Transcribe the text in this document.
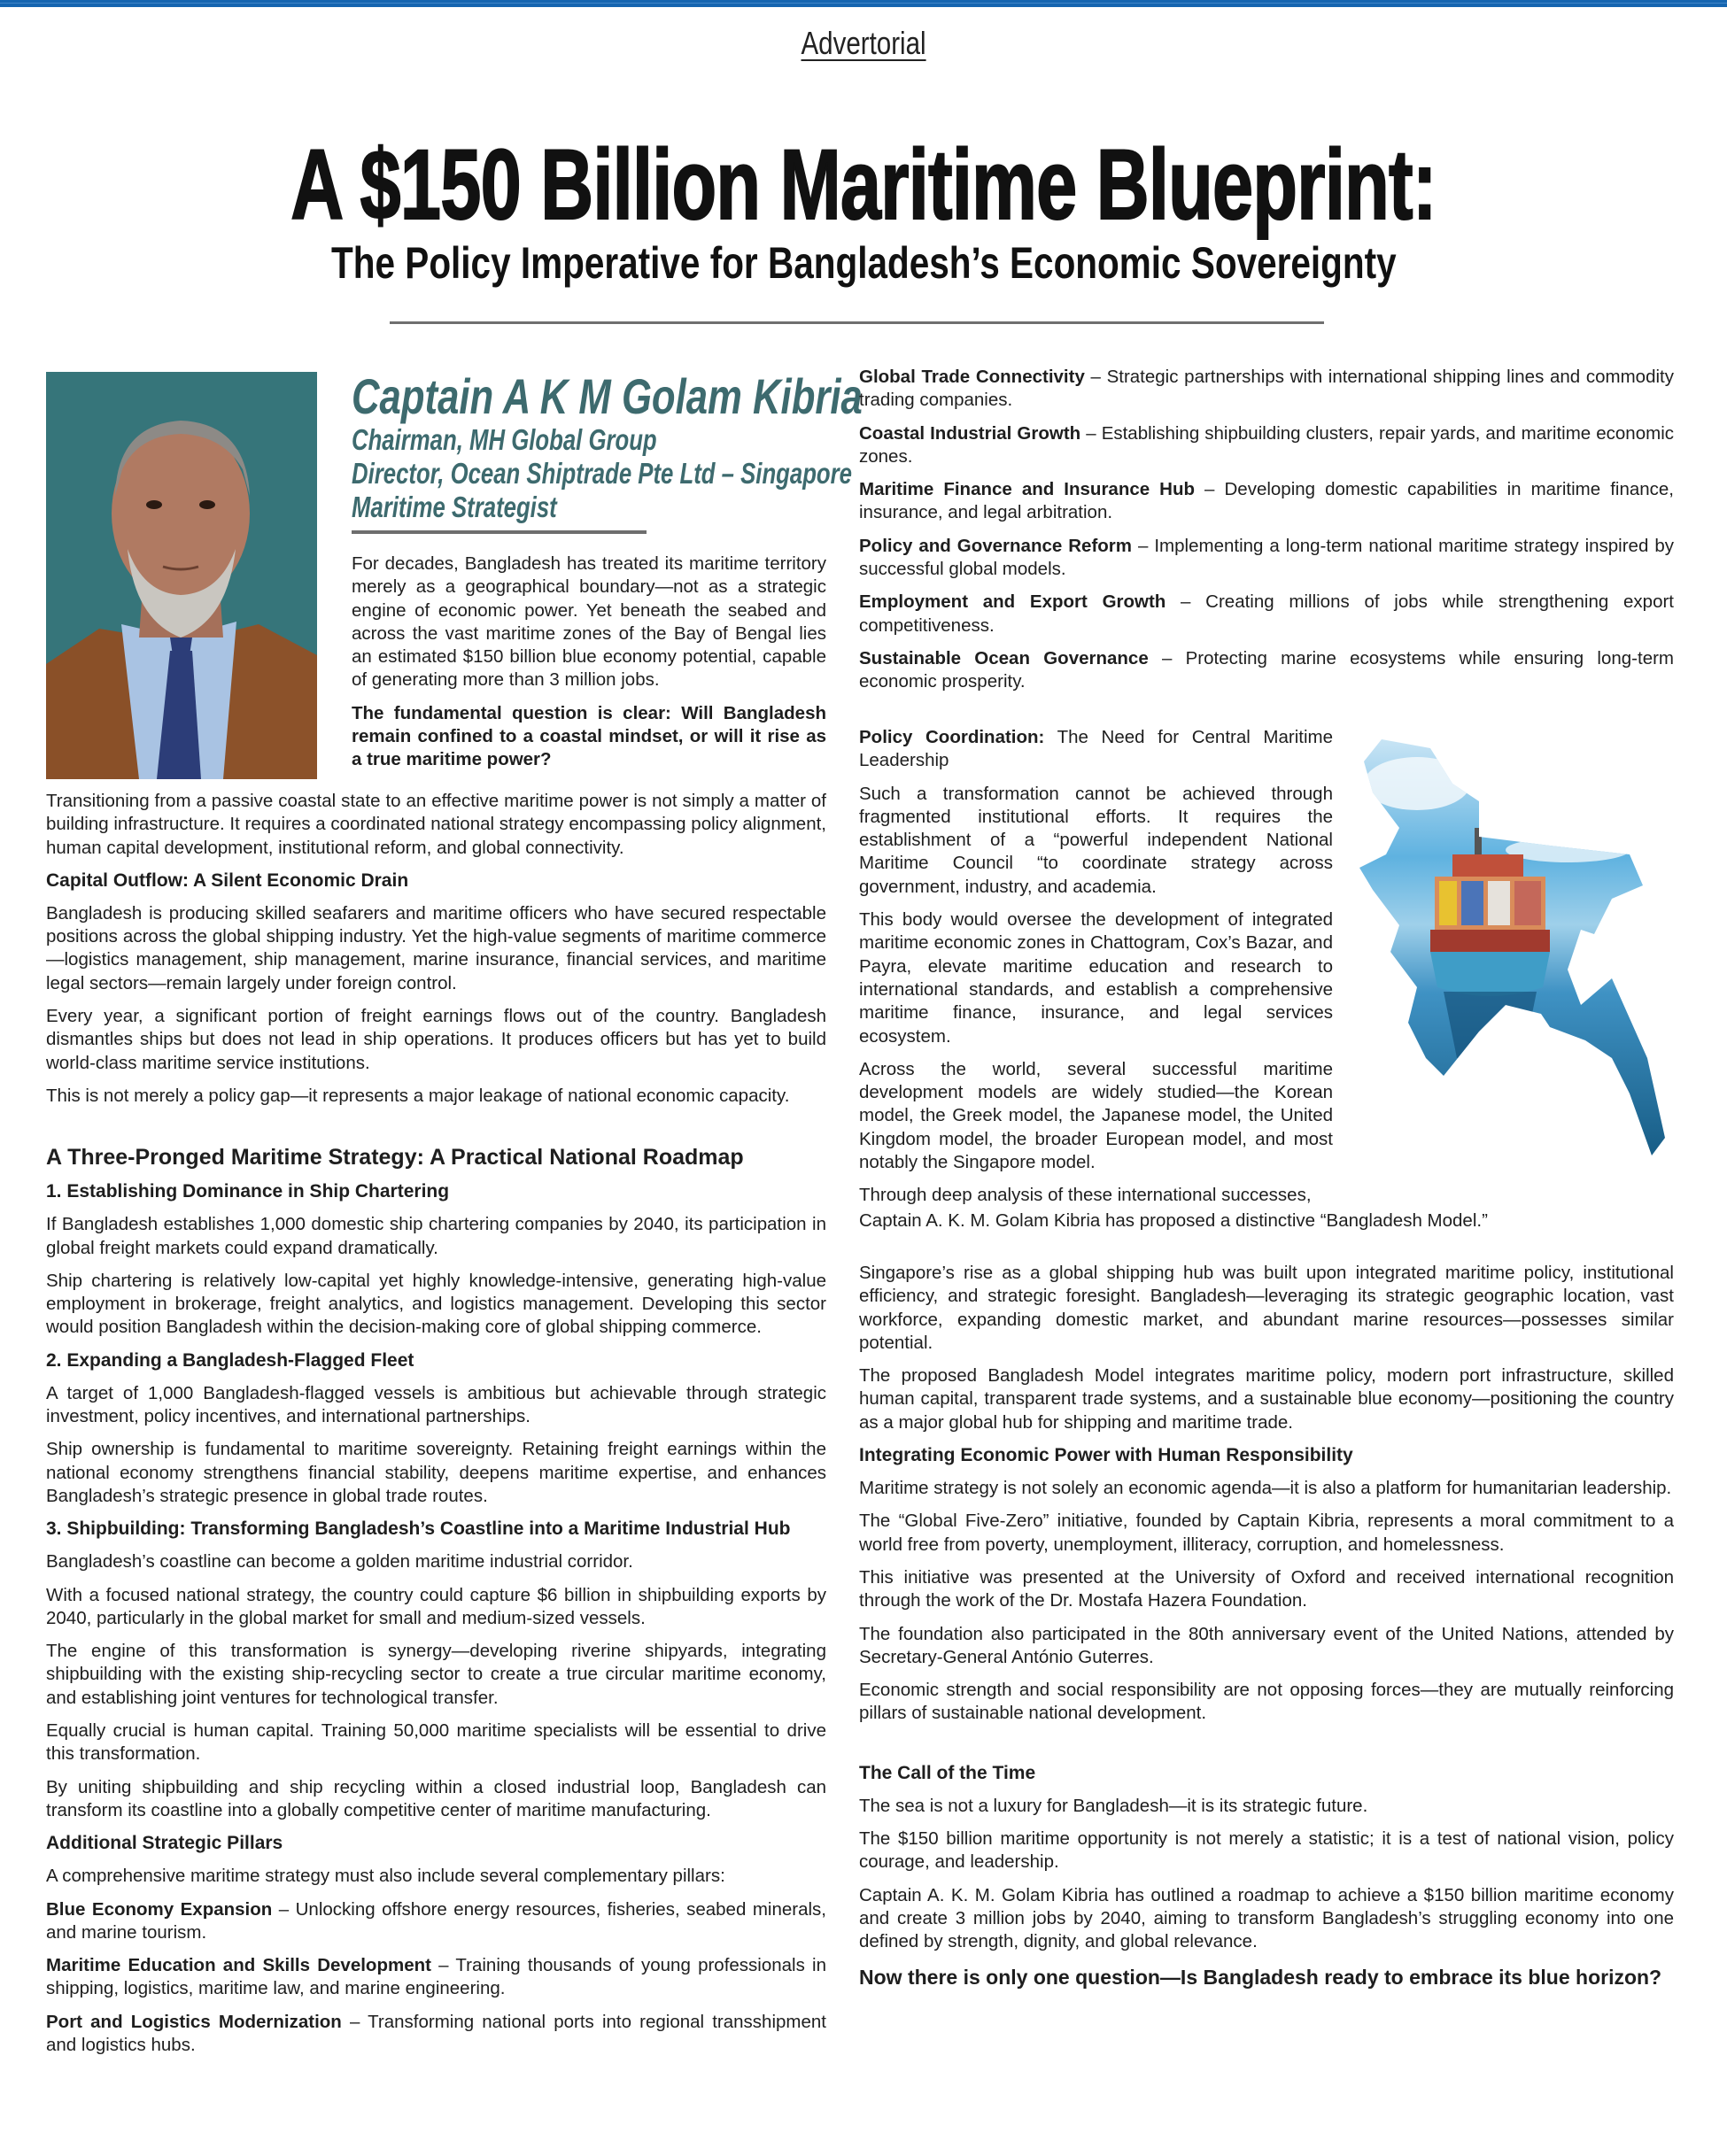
Advertorial
A $150 Billion Maritime Blueprint:
The Policy Imperative for Bangladesh’s Economic Sovereignty

Captain A K M Golam Kibria

Chairman, MH Global Group

Director, Ocean Shiptrade Pte Ltd – Singapore

Maritime Strategist

For decades, Bangladesh has treated its maritime territory merely as a geographical boundary—not as a strategic engine of economic power. Yet beneath the seabed and across the vast maritime zones of the Bay of Bengal lies an estimated $150 billion blue economy potential, capable of generating more than 3 million jobs.

The fundamental question is clear: Will Bangladesh remain confined to a coastal mindset, or will it rise as a true maritime power?

Transitioning from a passive coastal state to an effective maritime power is not simply a matter of building infrastructure. It requires a coordinated national strategy encompassing policy alignment, human capital development, institutional reform, and global connectivity.

Capital Outflow: A Silent Economic Drain

Bangladesh is producing skilled seafarers and maritime officers who have secured respectable positions across the global shipping industry. Yet the high-value segments of maritime commerce—logistics management, ship management, marine insurance, financial services, and maritime legal sectors—remain largely under foreign control.

Every year, a significant portion of freight earnings flows out of the country. Bangladesh dismantles ships but does not lead in ship operations. It produces officers but has yet to build world-class maritime service institutions.

This is not merely a policy gap—it represents a major leakage of national economic capacity.

A Three-Pronged Maritime Strategy: A Practical National Roadmap
1. Establishing Dominance in Ship Chartering

If Bangladesh establishes 1,000 domestic ship chartering companies by 2040, its participation in global freight markets could expand dramatically.

Ship chartering is relatively low-capital yet highly knowledge-intensive, generating high-value employment in brokerage, freight analytics, and logistics management. Developing this sector would position Bangladesh within the decision-making core of global shipping commerce.

2. Expanding a Bangladesh-Flagged Fleet

A target of 1,000 Bangladesh-flagged vessels is ambitious but achievable through strategic investment, policy incentives, and international partnerships.

Ship ownership is fundamental to maritime sovereignty. Retaining freight earnings within the national economy strengthens financial stability, deepens maritime expertise, and enhances Bangladesh’s strategic presence in global trade routes.

3. Shipbuilding: Transforming Bangladesh’s Coastline into a Maritime Industrial Hub

Bangladesh’s coastline can become a golden maritime industrial corridor.

With a focused national strategy, the country could capture $6 billion in shipbuilding exports by 2040, particularly in the global market for small and medium-sized vessels.

The engine of this transformation is synergy—developing riverine shipyards, integrating shipbuilding with the existing ship-recycling sector to create a true circular maritime economy, and establishing joint ventures for technological transfer.

Equally crucial is human capital. Training 50,000 maritime specialists will be essential to drive this transformation.

By uniting shipbuilding and ship recycling within a closed industrial loop, Bangladesh can transform its coastline into a globally competitive center of maritime manufacturing.

Additional Strategic Pillars

A comprehensive maritime strategy must also include several complementary pillars:

Blue Economy Expansion – Unlocking offshore energy resources, fisheries, seabed minerals, and marine tourism.

Maritime Education and Skills Development – Training thousands of young professionals in shipping, logistics, maritime law, and marine engineering.

Port and Logistics Modernization – Transforming national ports into regional transshipment and logistics hubs.

Global Trade Connectivity – Strategic partnerships with international shipping lines and commodity trading companies.

Coastal Industrial Growth – Establishing shipbuilding clusters, repair yards, and maritime economic zones.

Maritime Finance and Insurance Hub – Developing domestic capabilities in maritime finance, insurance, and legal arbitration.

Policy and Governance Reform – Implementing a long-term national maritime strategy inspired by successful global models.

Employment and Export Growth – Creating millions of jobs while strengthening export competitiveness.

Sustainable Ocean Governance – Protecting marine ecosystems while ensuring long-term economic prosperity.

Policy Coordination: The Need for Central Maritime Leadership

Such a transformation cannot be achieved through fragmented institutional efforts. It requires the establishment of a “powerful independent National Maritime Council “to coordinate strategy across government, industry, and academia.

This body would oversee the development of integrated maritime economic zones in Chattogram, Cox’s Bazar, and Payra, elevate maritime education and research to international standards, and establish a comprehensive maritime finance, insurance, and legal services ecosystem.

Across the world, several successful maritime development models are widely studied—the Korean model, the Greek model, the Japanese model, the United Kingdom model, the broader European model, and most notably the Singapore model.

Through deep analysis of these international successes,

Captain A. K. M. Golam Kibria has proposed a distinctive “Bangladesh Model.”

Singapore’s rise as a global shipping hub was built upon integrated maritime policy, institutional efficiency, and strategic foresight. Bangladesh—leveraging its strategic geographic location, vast workforce, expanding domestic market, and abundant marine resources—possesses similar potential.

The proposed Bangladesh Model integrates maritime policy, modern port infrastructure, skilled human capital, transparent trade systems, and a sustainable blue economy—positioning the country as a major global hub for shipping and maritime trade.

Integrating Economic Power with Human Responsibility

Maritime strategy is not solely an economic agenda—it is also a platform for humanitarian leadership.

The “Global Five-Zero” initiative, founded by Captain Kibria, represents a moral commitment to a world free from poverty, unemployment, illiteracy, corruption, and homelessness.

This initiative was presented at the University of Oxford and received international recognition through the work of the Dr. Mostafa Hazera Foundation.

The foundation also participated in the 80th anniversary event of the United Nations, attended by Secretary-General António Guterres.

Economic strength and social responsibility are not opposing forces—they are mutually reinforcing pillars of sustainable national development.

The Call of the Time

The sea is not a luxury for Bangladesh—it is its strategic future.

The $150 billion maritime opportunity is not merely a statistic; it is a test of national vision, policy courage, and leadership.

Captain A. K. M. Golam Kibria has outlined a roadmap to achieve a $150 billion maritime economy and create 3 million jobs by 2040, aiming to transform Bangladesh’s struggling economy into one defined by strength, dignity, and global relevance.

Now there is only one question—Is Bangladesh ready to embrace its blue horizon?
